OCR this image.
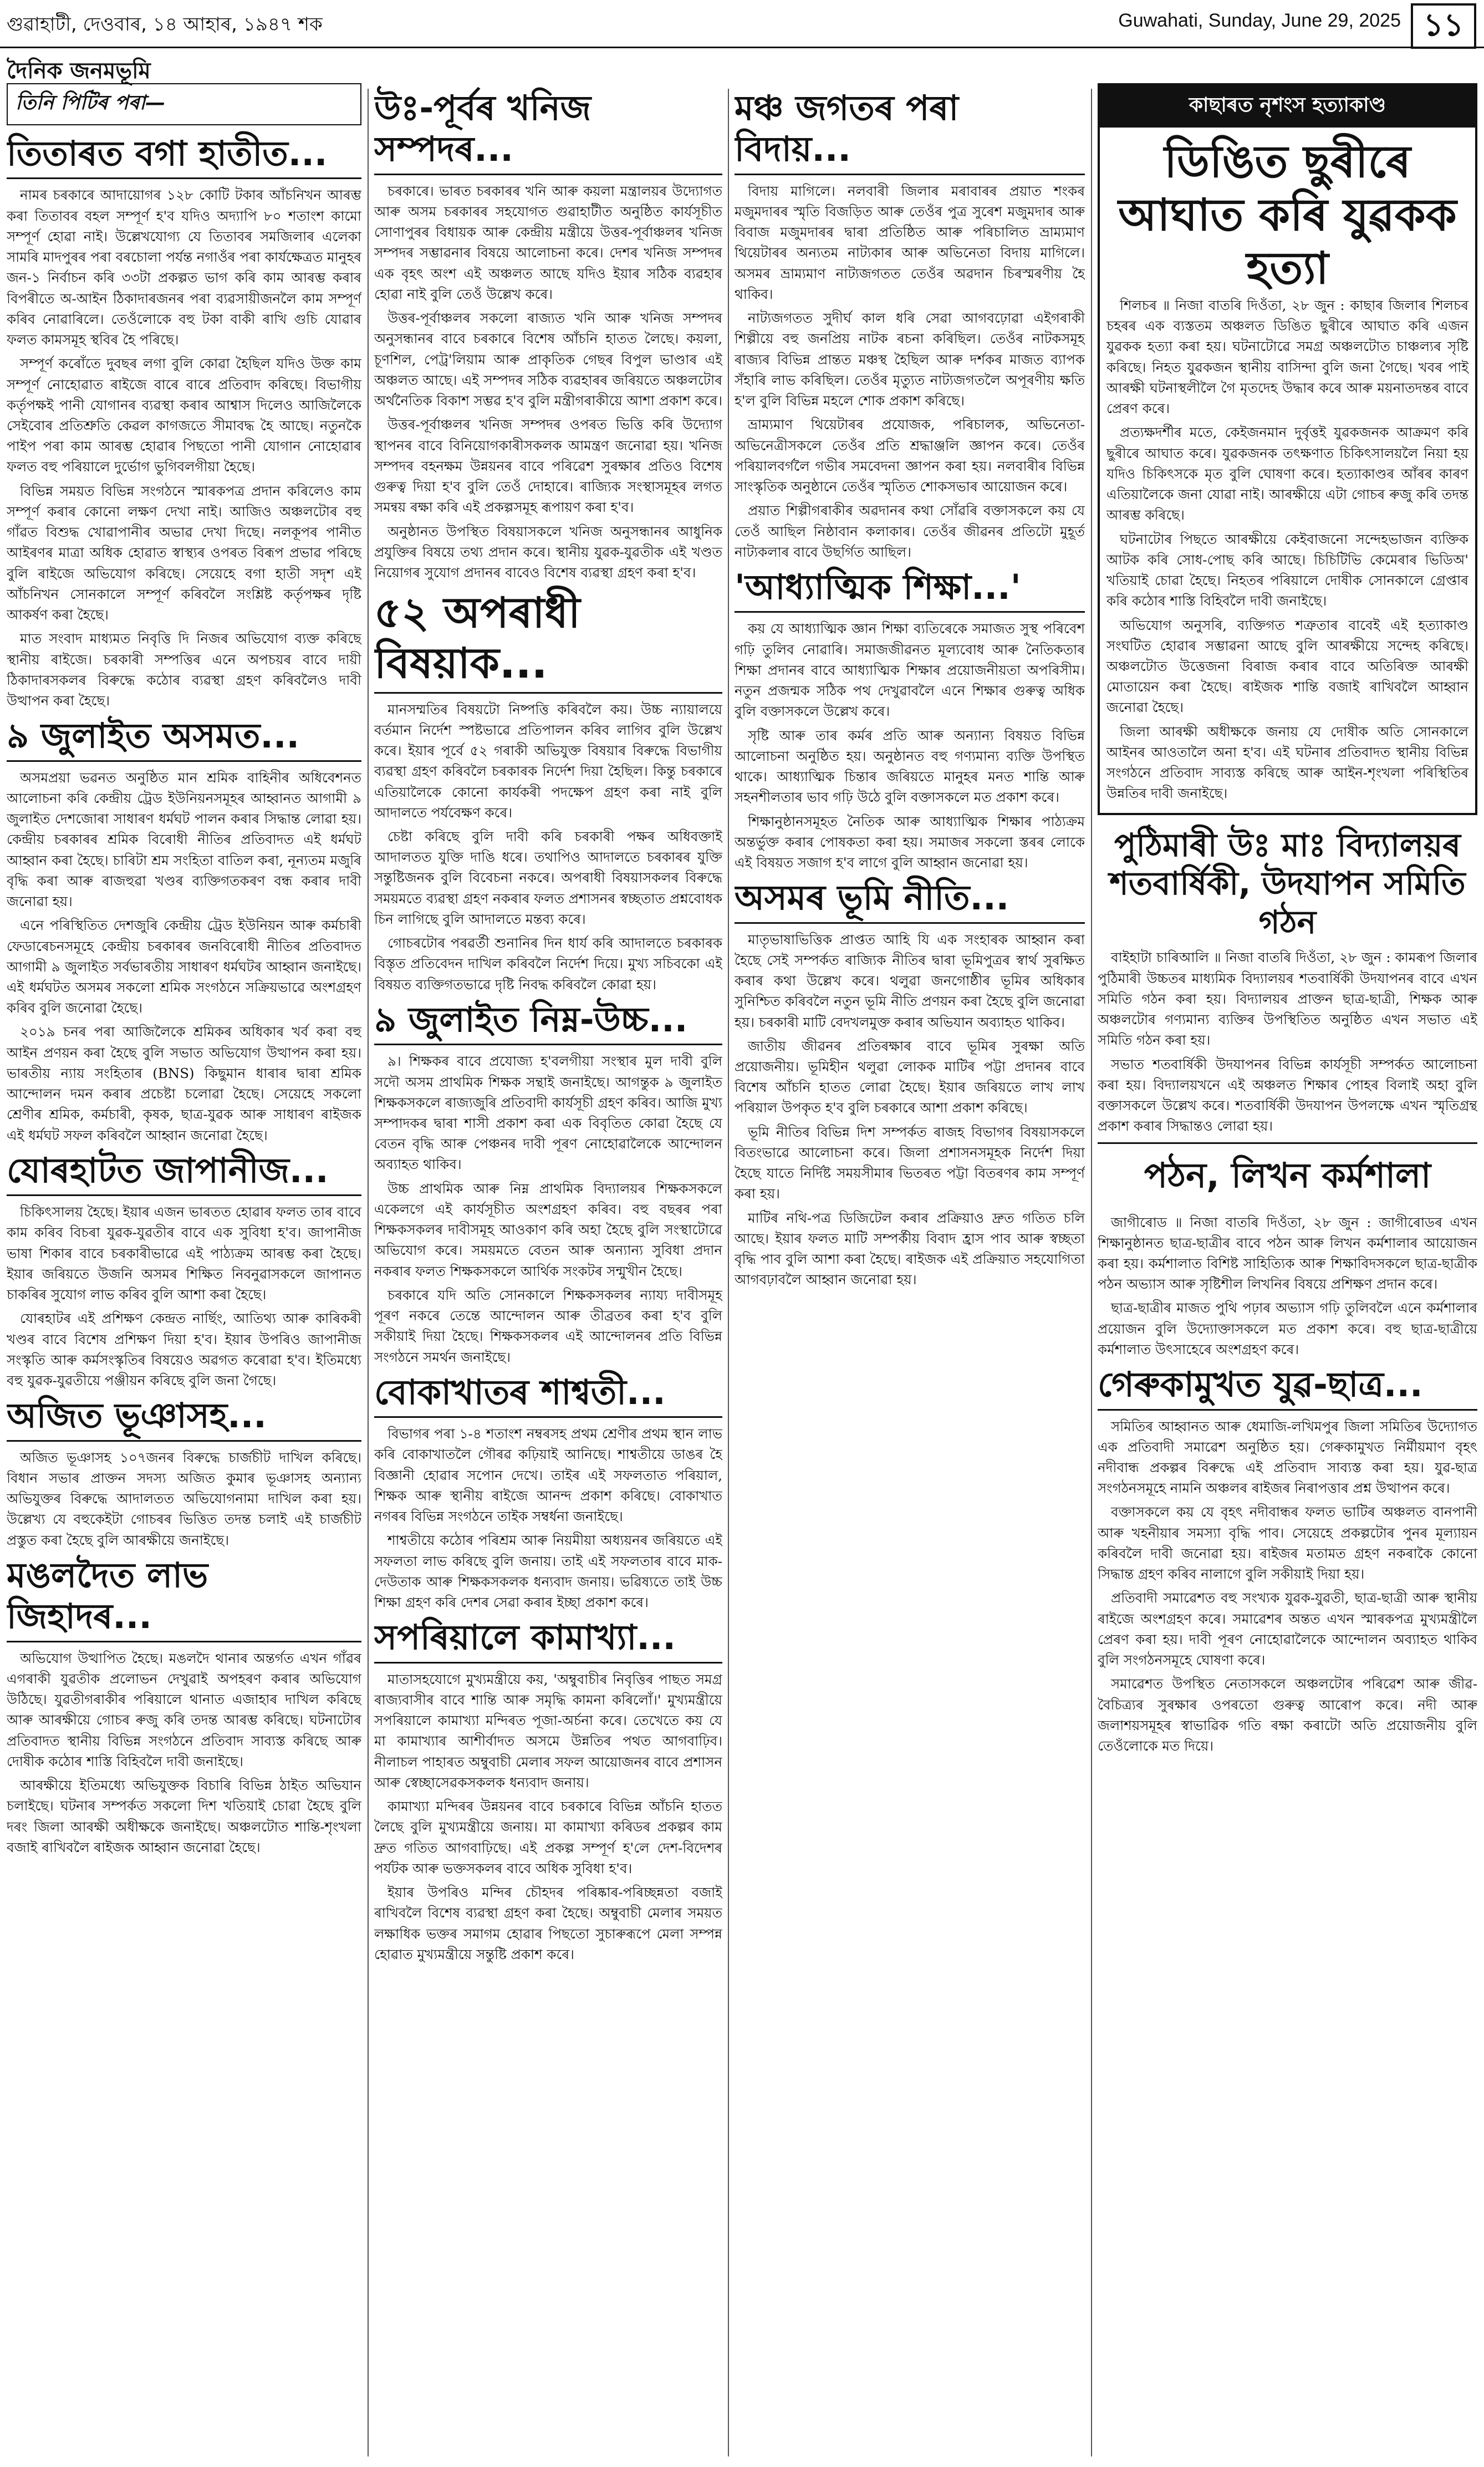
গুৱাহাটী, দেওবাৰ, ১৪ আহাৰ, ১৯৪৭ শক	Guwahati, Sunday, June 29, 2025 ১১
দৈনিক জনমভূমি
তিনি পিটিৰ পৰা—
তিতাৰত বগা হাতীত...

নামৰ চৰকাৰে আদায়োগৰ ১২৮ কোটি টকাৰ আঁচনিখন আৰম্ভ কৰা তিতাবৰ বহল সম্পূৰ্ণ হ'ব যদিও অদ্যাপি ৮০ শতাংশ কামো সম্পূৰ্ণ হোৱা নাই। উল্লেখযোগ্য যে তিতাবৰ সমজিলাৰ এলেকা সামৰি মাদপুৰৰ পৰা বৰচোলা পৰ্যন্ত নগাওঁৰ পৰা কাৰ্যক্ষেত্ৰত মানুহৰ জন-১ নিৰ্বাচন কৰি ৩৩টা প্ৰকল্পত ভাগ কৰি কাম আৰম্ভ কৰাৰ বিপৰীতে অ-আইন ঠিকাদাৰজনৰ পৰা ব্যৱসায়ীজনলৈ কাম সম্পূৰ্ণ কৰিব নোৱাৰিলে। তেওঁলোকে বহু টকা বাকী ৰাখি গুচি যোৱাৰ ফলত কামসমূহ স্থবিৰ হৈ পৰিছে।

সম্পূৰ্ণ কৰোঁতে দুবছৰ লগা বুলি কোৱা হৈছিল যদিও উক্ত কাম সম্পূৰ্ণ নোহোৱাত ৰাইজে বাৰে বাৰে প্ৰতিবাদ কৰিছে। বিভাগীয় কৰ্তৃপক্ষই পানী যোগানৰ ব্যৱস্থা কৰাৰ আশ্বাস দিলেও আজিলৈকে সেইবোৰ প্ৰতিশ্ৰুতি কেৱল কাগজতে সীমাবদ্ধ হৈ আছে। নতুনকৈ পাইপ পৰা কাম আৰম্ভ হোৱাৰ পিছতো পানী যোগান নোহোৱাৰ ফলত বহু পৰিয়ালে দুৰ্ভোগ ভুগিবলগীয়া হৈছে।

বিভিন্ন সময়ত বিভিন্ন সংগঠনে স্মাৰকপত্ৰ প্ৰদান কৰিলেও কাম সম্পূৰ্ণ কৰাৰ কোনো লক্ষণ দেখা নাই। আজিও অঞ্চলটোৰ বহু গাঁৱত বিশুদ্ধ খোৱাপানীৰ অভাৱ দেখা দিছে। নলকূপৰ পানীত আইৰণৰ মাত্ৰা অধিক হোৱাত স্বাস্থ্যৰ ওপৰত বিৰূপ প্ৰভাৱ পৰিছে বুলি ৰাইজে অভিযোগ কৰিছে। সেয়েহে বগা হাতী সদৃশ এই আঁচনিখন সোনকালে সম্পূৰ্ণ কৰিবলৈ সংশ্লিষ্ট কৰ্তৃপক্ষৰ দৃষ্টি আকৰ্ষণ কৰা হৈছে।

মাত সংবাদ মাধ্যমত নিবৃত্তি দি নিজৰ অভিযোগ ব্যক্ত কৰিছে স্থানীয় ৰাইজে। চৰকাৰী সম্পত্তিৰ এনে অপচয়ৰ বাবে দায়ী ঠিকাদাৰসকলৰ বিৰুদ্ধে কঠোৰ ব্যৱস্থা গ্ৰহণ কৰিবলৈও দাবী উত্থাপন কৰা হৈছে।

৯ জুলাইত অসমত...

অসমপ্ৰয়া ভৱনত অনুষ্ঠিত মান শ্ৰমিক বাহিনীৰ অধিবেশনত আলোচনা কৰি কেন্দ্ৰীয় ট্ৰেড ইউনিয়নসমূহৰ আহ্বানত আগামী ৯ জুলাইত দেশজোৰা সাধাৰণ ধৰ্মঘট পালন কৰাৰ সিদ্ধান্ত লোৱা হয়। কেন্দ্ৰীয় চৰকাৰৰ শ্ৰমিক বিৰোধী নীতিৰ প্ৰতিবাদত এই ধৰ্মঘট আহ্বান কৰা হৈছে। চাৰিটা শ্ৰম সংহিতা বাতিল কৰা, নূন্যতম মজুৰি বৃদ্ধি কৰা আৰু ৰাজহুৱা খণ্ডৰ ব্যক্তিগতকৰণ বন্ধ কৰাৰ দাবী জনোৱা হয়।

এনে পৰিস্থিতিত দেশজুৰি কেন্দ্ৰীয় ট্ৰেড ইউনিয়ন আৰু কৰ্মচাৰী ফেডাৰেচনসমূহে কেন্দ্ৰীয় চৰকাৰৰ জনবিৰোধী নীতিৰ প্ৰতিবাদত আগামী ৯ জুলাইত সৰ্বভাৰতীয় সাধাৰণ ধৰ্মঘটৰ আহ্বান জনাইছে। এই ধৰ্মঘটত অসমৰ সকলো শ্ৰমিক সংগঠনে সক্ৰিয়ভাৱে অংশগ্ৰহণ কৰিব বুলি জনোৱা হৈছে।

২০১৯ চনৰ পৰা আজিলৈকে শ্ৰমিকৰ অধিকাৰ খৰ্ব কৰা বহু আইন প্ৰণয়ন কৰা হৈছে বুলি সভাত অভিযোগ উত্থাপন কৰা হয়। ভাৰতীয় ন্যায় সংহিতাৰ (BNS) কিছুমান ধাৰাৰ দ্বাৰা শ্ৰমিক আন্দোলন দমন কৰাৰ প্ৰচেষ্টা চলোৱা হৈছে। সেয়েহে সকলো শ্ৰেণীৰ শ্ৰমিক, কৰ্মচাৰী, কৃষক, ছাত্ৰ-যুৱক আৰু সাধাৰণ ৰাইজক এই ধৰ্মঘট সফল কৰিবলৈ আহ্বান জনোৱা হৈছে।

যোৰহাটত জাপানীজ...

চিকিৎসালয় হৈছে। ইয়াৰ এজন ভাৰতত হোৱাৰ ফলত তাৰ বাবে কাম কৰিব বিচৰা যুৱক-যুৱতীৰ বাবে এক সুবিধা হ'ব। জাপানীজ ভাষা শিকাৰ বাবে চৰকাৰীভাৱে এই পাঠ্যক্ৰম আৰম্ভ কৰা হৈছে। ইয়াৰ জৰিয়তে উজনি অসমৰ শিক্ষিত নিবনুৱাসকলে জাপানত চাকৰিৰ সুযোগ লাভ কৰিব বুলি আশা কৰা হৈছে।

যোৰহাটৰ এই প্ৰশিক্ষণ কেন্দ্ৰত নাৰ্ছিং, আতিথ্য আৰু কাৰিকৰী খণ্ডৰ বাবে বিশেষ প্ৰশিক্ষণ দিয়া হ'ব। ইয়াৰ উপৰিও জাপানীজ সংস্কৃতি আৰু কৰ্মসংস্কৃতিৰ বিষয়েও অৱগত কৰোৱা হ'ব। ইতিমধ্যে বহু যুৱক-যুৱতীয়ে পঞ্জীয়ন কৰিছে বুলি জনা গৈছে।

অজিত ভূঞাসহ...

অজিত ভূঞাসহ ১০৭জনৰ বিৰুদ্ধে চাৰ্জচীট দাখিল কৰিছে। বিধান সভাৰ প্ৰাক্তন সদস্য অজিত কুমাৰ ভূঞাসহ অন্যান্য অভিযুক্তৰ বিৰুদ্ধে আদালতত অভিযোগনামা দাখিল কৰা হয়। উল্লেখ্য যে বহুকেইটা গোচৰৰ ভিত্তিত তদন্ত চলাই এই চাৰ্জচীট প্ৰস্তুত কৰা হৈছে বুলি আৰক্ষীয়ে জনাইছে।

মঙলদৈত লাভ জিহাদৰ...

অভিযোগ উত্থাপিত হৈছে। মঙলদৈ থানাৰ অন্তৰ্গত এখন গাঁৱৰ এগৰাকী যুৱতীক প্ৰলোভন দেখুৱাই অপহৰণ কৰাৰ অভিযোগ উঠিছে। যুৱতীগৰাকীৰ পৰিয়ালে থানাত এজাহাৰ দাখিল কৰিছে আৰু আৰক্ষীয়ে গোচৰ ৰুজু কৰি তদন্ত আৰম্ভ কৰিছে। ঘটনাটোৰ প্ৰতিবাদত স্থানীয় বিভিন্ন সংগঠনে প্ৰতিবাদ সাব্যস্ত কৰিছে আৰু দোষীক কঠোৰ শাস্তি বিহিবলৈ দাবী জনাইছে।

আৰক্ষীয়ে ইতিমধ্যে অভিযুক্তক বিচাৰি বিভিন্ন ঠাইত অভিযান চলাইছে। ঘটনাৰ সম্পৰ্কত সকলো দিশ খতিয়াই চোৱা হৈছে বুলি দৰং জিলা আৰক্ষী অধীক্ষকে জনাইছে। অঞ্চলটোত শান্তি-শৃংখলা বজাই ৰাখিবলৈ ৰাইজক আহ্বান জনোৱা হৈছে।

উঃ-পূৰ্বৰ খনিজ সম্পদৰ...

চৰকাৰে। ভাৰত চৰকাৰৰ খনি আৰু কয়লা মন্ত্ৰালয়ৰ উদ্যোগত আৰু অসম চৰকাৰৰ সহযোগত গুৱাহাটীত অনুষ্ঠিত কাৰ্যসূচীত সোণাপুৰৰ বিধায়ক আৰু কেন্দ্ৰীয় মন্ত্ৰীয়ে উত্তৰ-পূৰ্বাঞ্চলৰ খনিজ সম্পদৰ সম্ভাৱনাৰ বিষয়ে আলোচনা কৰে। দেশৰ খনিজ সম্পদৰ এক বৃহৎ অংশ এই অঞ্চলত আছে যদিও ইয়াৰ সঠিক ব্যৱহাৰ হোৱা নাই বুলি তেওঁ উল্লেখ কৰে।

উত্তৰ-পূৰ্বাঞ্চলৰ সকলো ৰাজ্যত খনি আৰু খনিজ সম্পদৰ অনুসন্ধানৰ বাবে চৰকাৰে বিশেষ আঁচনি হাতত লৈছে। কয়লা, চূণশিল, পেট্ৰ'লিয়াম আৰু প্ৰাকৃতিক গেছৰ বিপুল ভাণ্ডাৰ এই অঞ্চলত আছে। এই সম্পদৰ সঠিক ব্যৱহাৰৰ জৰিয়তে অঞ্চলটোৰ অৰ্থনৈতিক বিকাশ সম্ভৱ হ'ব বুলি মন্ত্ৰীগৰাকীয়ে আশা প্ৰকাশ কৰে।

উত্তৰ-পূৰ্বাঞ্চলৰ খনিজ সম্পদৰ ওপৰত ভিত্তি কৰি উদ্যোগ স্থাপনৰ বাবে বিনিয়োগকাৰীসকলক আমন্ত্ৰণ জনোৱা হয়। খনিজ সম্পদৰ বহনক্ষম উন্নয়নৰ বাবে পৰিৱেশ সুৰক্ষাৰ প্ৰতিও বিশেষ গুৰুত্ব দিয়া হ'ব বুলি তেওঁ দোহাৰে। ৰাজ্যিক সংস্থাসমূহৰ লগত সমন্বয় ৰক্ষা কৰি এই প্ৰকল্পসমূহ ৰূপায়ণ কৰা হ'ব।

অনুষ্ঠানত উপস্থিত বিষয়াসকলে খনিজ অনুসন্ধানৰ আধুনিক প্ৰযুক্তিৰ বিষয়ে তথ্য প্ৰদান কৰে। স্থানীয় যুৱক-যুৱতীক এই খণ্ডত নিয়োগৰ সুযোগ প্ৰদানৰ বাবেও বিশেষ ব্যৱস্থা গ্ৰহণ কৰা হ'ব।

৫২ অপৰাধী বিষয়াক...

মানসম্মতিৰ বিষয়টো নিষ্পত্তি কৰিবলৈ কয়। উচ্চ ন্যায়ালয়ে বৰ্তমান নিৰ্দেশ স্পষ্টভাৱে প্ৰতিপালন কৰিব লাগিব বুলি উল্লেখ কৰে। ইয়াৰ পূৰ্বে ৫২ গৰাকী অভিযুক্ত বিষয়াৰ বিৰুদ্ধে বিভাগীয় ব্যৱস্থা গ্ৰহণ কৰিবলৈ চৰকাৰক নিৰ্দেশ দিয়া হৈছিল। কিন্তু চৰকাৰে এতিয়ালৈকে কোনো কাৰ্যকৰী পদক্ষেপ গ্ৰহণ কৰা নাই বুলি আদালতে পৰ্যবেক্ষণ কৰে।

চেষ্টা কৰিছে বুলি দাবী কৰি চৰকাৰী পক্ষৰ অধিবক্তাই আদালতত যুক্তি দাঙি ধৰে। তথাপিও আদালতে চৰকাৰৰ যুক্তি সন্তুষ্টিজনক বুলি বিবেচনা নকৰে। অপৰাধী বিষয়াসকলৰ বিৰুদ্ধে সময়মতে ব্যৱস্থা গ্ৰহণ নকৰাৰ ফলত প্ৰশাসনৰ স্বচ্ছতাত প্ৰশ্নবোধক চিন লাগিছে বুলি আদালতে মন্তব্য কৰে।

গোচৰটোৰ পৰৱৰ্তী শুনানিৰ দিন ধাৰ্য কৰি আদালতে চৰকাৰক বিস্তৃত প্ৰতিবেদন দাখিল কৰিবলৈ নিৰ্দেশ দিয়ে। মুখ্য সচিবকো এই বিষয়ত ব্যক্তিগতভাৱে দৃষ্টি নিবদ্ধ কৰিবলৈ কোৱা হয়।

৯ জুলাইত নিম্ন-উচ্চ...

৯। শিক্ষকৰ বাবে প্ৰযোজ্য হ'বলগীয়া সংস্থাৰ মুল দাবী বুলি সদৌ অসম প্ৰাথমিক শিক্ষক সন্থাই জনাইছে। আগন্তুক ৯ জুলাইত শিক্ষকসকলে ৰাজ্যজুৰি প্ৰতিবাদী কাৰ্যসূচী গ্ৰহণ কৰিব। আজি মুখ্য সম্পাদকৰ দ্বাৰা শাসী প্ৰকাশ কৰা এক বিবৃতিত কোৱা হৈছে যে বেতন বৃদ্ধি আৰু পেঞ্চনৰ দাবী পূৰণ নোহোৱালৈকে আন্দোলন অব্যাহত থাকিব।

উচ্চ প্ৰাথমিক আৰু নিম্ন প্ৰাথমিক বিদ্যালয়ৰ শিক্ষকসকলে একেলগে এই কাৰ্যসূচীত অংশগ্ৰহণ কৰিব। বহু বছৰৰ পৰা শিক্ষকসকলৰ দাবীসমূহ আওকাণ কৰি অহা হৈছে বুলি সংস্থাটোৱে অভিযোগ কৰে। সময়মতে বেতন আৰু অন্যান্য সুবিধা প্ৰদান নকৰাৰ ফলত শিক্ষকসকলে আৰ্থিক সংকটৰ সন্মুখীন হৈছে।

চৰকাৰে যদি অতি সোনকালে শিক্ষকসকলৰ ন্যায্য দাবীসমূহ পূৰণ নকৰে তেন্তে আন্দোলন আৰু তীব্ৰতৰ কৰা হ'ব বুলি সকীয়াই দিয়া হৈছে। শিক্ষকসকলৰ এই আন্দোলনৰ প্ৰতি বিভিন্ন সংগঠনে সমৰ্থন জনাইছে।

বোকাখাতৰ শাশ্বতী...

বিভাগৰ পৰা ১-৪ শতাংশ নম্বৰসহ প্ৰথম শ্ৰেণীৰ প্ৰথম স্থান লাভ কৰি বোকাখাতলৈ গৌৰৱ কঢ়িয়াই আনিছে। শাশ্বতীয়ে ডাঙৰ হৈ বিজ্ঞানী হোৱাৰ সপোন দেখে। তাইৰ এই সফলতাত পৰিয়াল, শিক্ষক আৰু স্থানীয় ৰাইজে আনন্দ প্ৰকাশ কৰিছে। বোকাখাত নগৰৰ বিভিন্ন সংগঠনে তাইক সম্বৰ্ধনা জনাইছে।

শাশ্বতীয়ে কঠোৰ পৰিশ্ৰম আৰু নিয়মীয়া অধ্যয়নৰ জৰিয়তে এই সফলতা লাভ কৰিছে বুলি জনায়। তাই এই সফলতাৰ বাবে মাক-দেউতাক আৰু শিক্ষকসকলক ধন্যবাদ জনায়। ভৱিষ্যতে তাই উচ্চ শিক্ষা গ্ৰহণ কৰি দেশৰ সেৱা কৰাৰ ইচ্ছা প্ৰকাশ কৰে।

সপৰিয়ালে কামাখ্যা...

মাতাসহযোগে মুখ্যমন্ত্ৰীয়ে কয়, 'অম্বুবাচীৰ নিবৃত্তিৰ পাছত সমগ্ৰ ৰাজ্যবাসীৰ বাবে শান্তি আৰু সমৃদ্ধি কামনা কৰিলোঁ।' মুখ্যমন্ত্ৰীয়ে সপৰিয়ালে কামাখ্যা মন্দিৰত পূজা-অৰ্চনা কৰে। তেখেতে কয় যে মা কামাখ্যাৰ আশীৰ্বাদত অসমে উন্নতিৰ পথত আগবাঢ়িব। নীলাচল পাহাৰত অম্বুবাচী মেলাৰ সফল আয়োজনৰ বাবে প্ৰশাসন আৰু স্বেচ্ছাসেৱকসকলক ধন্যবাদ জনায়।

কামাখ্যা মন্দিৰৰ উন্নয়নৰ বাবে চৰকাৰে বিভিন্ন আঁচনি হাতত লৈছে বুলি মুখ্যমন্ত্ৰীয়ে জনায়। মা কামাখ্যা কৰিডৰ প্ৰকল্পৰ কাম দ্ৰুত গতিত আগবাঢ়িছে। এই প্ৰকল্প সম্পূৰ্ণ হ'লে দেশ-বিদেশৰ পৰ্যটক আৰু ভক্তসকলৰ বাবে অধিক সুবিধা হ'ব।

ইয়াৰ উপৰিও মন্দিৰ চৌহদৰ পৰিষ্কাৰ-পৰিচ্ছন্নতা বজাই ৰাখিবলৈ বিশেষ ব্যৱস্থা গ্ৰহণ কৰা হৈছে। অম্বুবাচী মেলাৰ সময়ত লক্ষাধিক ভক্তৰ সমাগম হোৱাৰ পিছতো সুচাৰুৰূপে মেলা সম্পন্ন হোৱাত মুখ্যমন্ত্ৰীয়ে সন্তুষ্টি প্ৰকাশ কৰে।

মঞ্চ জগতৰ পৰা বিদায়...

বিদায় মাগিলে। নলবাৰী জিলাৰ মৰাবাৰৰ প্ৰয়াত শংকৰ মজুমদাৰৰ স্মৃতি বিজড়িত আৰু তেওঁৰ পুত্ৰ সুৰেশ মজুমদাৰ আৰু বিবাজ মজুমদাৰৰ দ্বাৰা প্ৰতিষ্ঠিত আৰু পৰিচালিত ভ্ৰাম্যমাণ থিয়েটাৰৰ অন্যতম নাট্যকাৰ আৰু অভিনেতা বিদায় মাগিলে। অসমৰ ভ্ৰাম্যমাণ নাট্যজগতত তেওঁৰ অৱদান চিৰস্মৰণীয় হৈ থাকিব।

নাট্যজগতত সুদীৰ্ঘ কাল ধৰি সেৱা আগবঢ়োৱা এইগৰাকী শিল্পীয়ে বহু জনপ্ৰিয় নাটক ৰচনা কৰিছিল। তেওঁৰ নাটকসমূহ ৰাজ্যৰ বিভিন্ন প্ৰান্তত মঞ্চস্থ হৈছিল আৰু দৰ্শকৰ মাজত ব্যাপক সঁহাৰি লাভ কৰিছিল। তেওঁৰ মৃত্যুত নাট্যজগতলৈ অপূৰণীয় ক্ষতি হ'ল বুলি বিভিন্ন মহলে শোক প্ৰকাশ কৰিছে।

ভ্ৰাম্যমাণ থিয়েটাৰৰ প্ৰযোজক, পৰিচালক, অভিনেতা-অভিনেত্ৰীসকলে তেওঁৰ প্ৰতি শ্ৰদ্ধাঞ্জলি জ্ঞাপন কৰে। তেওঁৰ পৰিয়ালবৰ্গলৈ গভীৰ সমবেদনা জ্ঞাপন কৰা হয়। নলবাৰীৰ বিভিন্ন সাংস্কৃতিক অনুষ্ঠানে তেওঁৰ স্মৃতিত শোকসভাৰ আয়োজন কৰে।

প্ৰয়াত শিল্পীগৰাকীৰ অৱদানৰ কথা সোঁৱৰি বক্তাসকলে কয় যে তেওঁ আছিল নিষ্ঠাবান কলাকাৰ। তেওঁৰ জীৱনৰ প্ৰতিটো মুহূৰ্ত নাট্যকলাৰ বাবে উছৰ্গিত আছিল।

'আধ্যাত্মিক শিক্ষা...'

কয় যে আধ্যাত্মিক জ্ঞান শিক্ষা ব্যতিৰেকে সমাজত সুস্থ পৰিবেশ গঢ়ি তুলিব নোৱাৰি। সমাজজীৱনত মূল্যবোধ আৰু নৈতিকতাৰ শিক্ষা প্ৰদানৰ বাবে আধ্যাত্মিক শিক্ষাৰ প্ৰয়োজনীয়তা অপৰিসীম। নতুন প্ৰজন্মক সঠিক পথ দেখুৱাবলৈ এনে শিক্ষাৰ গুৰুত্ব অধিক বুলি বক্তাসকলে উল্লেখ কৰে।

সৃষ্টি আৰু তাৰ কৰ্মৰ প্ৰতি আৰু অন্যান্য বিষয়ত বিভিন্ন আলোচনা অনুষ্ঠিত হয়। অনুষ্ঠানত বহু গণ্যমান্য ব্যক্তি উপস্থিত থাকে। আধ্যাত্মিক চিন্তাৰ জৰিয়তে মানুহৰ মনত শান্তি আৰু সহনশীলতাৰ ভাব গঢ়ি উঠে বুলি বক্তাসকলে মত প্ৰকাশ কৰে।

শিক্ষানুষ্ঠানসমূহত নৈতিক আৰু আধ্যাত্মিক শিক্ষাৰ পাঠ্যক্ৰম অন্তৰ্ভুক্ত কৰাৰ পোষকতা কৰা হয়। সমাজৰ সকলো স্তৰৰ লোকে এই বিষয়ত সজাগ হ'ব লাগে বুলি আহ্বান জনোৱা হয়।

অসমৰ ভূমি নীতি...

মাতৃভাষাভিত্তিক প্ৰাপ্তত আহি যি এক সংহাৰক আহ্বান কৰা হৈছে সেই সম্পৰ্কত ৰাজ্যিক নীতিৰ দ্বাৰা ভূমিপুত্ৰৰ স্বাৰ্থ সুৰক্ষিত কৰাৰ কথা উল্লেখ কৰে। থলুৱা জনগোষ্ঠীৰ ভূমিৰ অধিকাৰ সুনিশ্চিত কৰিবলৈ নতুন ভূমি নীতি প্ৰণয়ন কৰা হৈছে বুলি জনোৱা হয়। চৰকাৰী মাটি বেদখলমুক্ত কৰাৰ অভিযান অব্যাহত থাকিব।

জাতীয় জীৱনৰ প্ৰতিৰক্ষাৰ বাবে ভূমিৰ সুৰক্ষা অতি প্ৰয়োজনীয়। ভূমিহীন থলুৱা লোকক মাটিৰ পট্টা প্ৰদানৰ বাবে বিশেষ আঁচনি হাতত লোৱা হৈছে। ইয়াৰ জৰিয়তে লাখ লাখ পৰিয়াল উপকৃত হ'ব বুলি চৰকাৰে আশা প্ৰকাশ কৰিছে।

ভূমি নীতিৰ বিভিন্ন দিশ সম্পৰ্কত ৰাজহ বিভাগৰ বিষয়াসকলে বিতংভাৱে আলোচনা কৰে। জিলা প্ৰশাসনসমূহক নিৰ্দেশ দিয়া হৈছে যাতে নিৰ্দিষ্ট সময়সীমাৰ ভিতৰত পট্টা বিতৰণৰ কাম সম্পূৰ্ণ কৰা হয়।

মাটিৰ নথি-পত্ৰ ডিজিটেল কৰাৰ প্ৰক্ৰিয়াও দ্ৰুত গতিত চলি আছে। ইয়াৰ ফলত মাটি সম্পৰ্কীয় বিবাদ হ্ৰাস পাব আৰু স্বচ্ছতা বৃদ্ধি পাব বুলি আশা কৰা হৈছে। ৰাইজক এই প্ৰক্ৰিয়াত সহযোগিতা আগবঢ়াবলৈ আহ্বান জনোৱা হয়।

কাছাৰত নৃশংস হত্যাকাণ্ড
ডিঙিত ছুৰীৰে আঘাত কৰি যুৱকক হত্যা

শিলচৰ ॥ নিজা বাতৰি দিওঁতা, ২৮ জুন : কাছাৰ জিলাৰ শিলচৰ চহৰৰ এক ব্যস্ততম অঞ্চলত ডিঙিত ছুৰীৰে আঘাত কৰি এজন যুৱকক হত্যা কৰা হয়। ঘটনাটোৱে সমগ্ৰ অঞ্চলটোত চাঞ্চল্যৰ সৃষ্টি কৰিছে। নিহত যুৱকজন স্থানীয় বাসিন্দা বুলি জনা গৈছে। খবৰ পাই আৰক্ষী ঘটনাস্থলীলৈ গৈ মৃতদেহ উদ্ধাৰ কৰে আৰু ময়নাতদন্তৰ বাবে প্ৰেৰণ কৰে।

প্ৰত্যক্ষদৰ্শীৰ মতে, কেইজনমান দুৰ্বৃত্তই যুৱকজনক আক্ৰমণ কৰি ছুৰীৰে আঘাত কৰে। যুৱকজনক তৎক্ষণাত চিকিৎসালয়লৈ নিয়া হয় যদিও চিকিৎসকে মৃত বুলি ঘোষণা কৰে। হত্যাকাণ্ডৰ আঁৰৰ কাৰণ এতিয়ালৈকে জনা যোৱা নাই। আৰক্ষীয়ে এটা গোচৰ ৰুজু কৰি তদন্ত আৰম্ভ কৰিছে।

ঘটনাটোৰ পিছতে আৰক্ষীয়ে কেইবাজনো সন্দেহভাজন ব্যক্তিক আটক কৰি সোধ-পোছ কৰি আছে। চিচিটিভি কেমেৰাৰ ভিডিঅ' খতিয়াই চোৱা হৈছে। নিহতৰ পৰিয়ালে দোষীক সোনকালে গ্ৰেপ্তাৰ কৰি কঠোৰ শাস্তি বিহিবলৈ দাবী জনাইছে।

অভিযোগ অনুসৰি, ব্যক্তিগত শত্ৰুতাৰ বাবেই এই হত্যাকাণ্ড সংঘটিত হোৱাৰ সম্ভাৱনা আছে বুলি আৰক্ষীয়ে সন্দেহ কৰিছে। অঞ্চলটোত উত্তেজনা বিৰাজ কৰাৰ বাবে অতিৰিক্ত আৰক্ষী মোতায়েন কৰা হৈছে। ৰাইজক শান্তি বজাই ৰাখিবলৈ আহ্বান জনোৱা হৈছে।

জিলা আৰক্ষী অধীক্ষকে জনায় যে দোষীক অতি সোনকালে আইনৰ আওতালৈ অনা হ'ব। এই ঘটনাৰ প্ৰতিবাদত স্থানীয় বিভিন্ন সংগঠনে প্ৰতিবাদ সাব্যস্ত কৰিছে আৰু আইন-শৃংখলা পৰিস্থিতিৰ উন্নতিৰ দাবী জনাইছে।

পুঠিমাৰী উঃ মাঃ বিদ্যালয়ৰ শতবাৰ্ষিকী, উদযাপন সমিতি গঠন

বাইহাটা চাৰিআলি ॥ নিজা বাতৰি দিওঁতা, ২৮ জুন : কামৰূপ জিলাৰ পুঠিমাৰী উচ্চতৰ মাধ্যমিক বিদ্যালয়ৰ শতবাৰ্ষিকী উদযাপনৰ বাবে এখন সমিতি গঠন কৰা হয়। বিদ্যালয়ৰ প্ৰাক্তন ছাত্ৰ-ছাত্ৰী, শিক্ষক আৰু অঞ্চলটোৰ গণ্যমান্য ব্যক্তিৰ উপস্থিতিত অনুষ্ঠিত এখন সভাত এই সমিতি গঠন কৰা হয়।

সভাত শতবাৰ্ষিকী উদযাপনৰ বিভিন্ন কাৰ্যসূচী সম্পৰ্কত আলোচনা কৰা হয়। বিদ্যালয়খনে এই অঞ্চলত শিক্ষাৰ পোহৰ বিলাই অহা বুলি বক্তাসকলে উল্লেখ কৰে। শতবাৰ্ষিকী উদযাপন উপলক্ষে এখন স্মৃতিগ্ৰন্থ প্ৰকাশ কৰাৰ সিদ্ধান্তও লোৱা হয়।

পঠন, লিখন কৰ্মশালা

জাগীৰোড ॥ নিজা বাতৰি দিওঁতা, ২৮ জুন : জাগীৰোডৰ এখন শিক্ষানুষ্ঠানত ছাত্ৰ-ছাত্ৰীৰ বাবে পঠন আৰু লিখন কৰ্মশালাৰ আয়োজন কৰা হয়। কৰ্মশালাত বিশিষ্ট সাহিত্যিক আৰু শিক্ষাবিদসকলে ছাত্ৰ-ছাত্ৰীক পঠন অভ্যাস আৰু সৃষ্টিশীল লিখনিৰ বিষয়ে প্ৰশিক্ষণ প্ৰদান কৰে।

ছাত্ৰ-ছাত্ৰীৰ মাজত পুথি পঢ়াৰ অভ্যাস গঢ়ি তুলিবলৈ এনে কৰ্মশালাৰ প্ৰয়োজন বুলি উদ্যোক্তাসকলে মত প্ৰকাশ কৰে। বহু ছাত্ৰ-ছাত্ৰীয়ে কৰ্মশালাত উৎসাহেৰে অংশগ্ৰহণ কৰে।

গেৰুকামুখত যুৱ-ছাত্ৰ...

সমিতিৰ আহ্বানত আৰু ধেমাজি-লখিমপুৰ জিলা সমিতিৰ উদ্যোগত এক প্ৰতিবাদী সমাৱেশ অনুষ্ঠিত হয়। গেৰুকামুখত নিৰ্মীয়মাণ বৃহৎ নদীবান্ধ প্ৰকল্পৰ বিৰুদ্ধে এই প্ৰতিবাদ সাব্যস্ত কৰা হয়। যুৱ-ছাত্ৰ সংগঠনসমূহে নামনি অঞ্চলৰ ৰাইজৰ নিৰাপত্তাৰ প্ৰশ্ন উত্থাপন কৰে।

বক্তাসকলে কয় যে বৃহৎ নদীবান্ধৰ ফলত ভাটিৰ অঞ্চলত বানপানী আৰু খহনীয়াৰ সমস্যা বৃদ্ধি পাব। সেয়েহে প্ৰকল্পটোৰ পুনৰ মূল্যায়ন কৰিবলৈ দাবী জনোৱা হয়। ৰাইজৰ মতামত গ্ৰহণ নকৰাকৈ কোনো সিদ্ধান্ত গ্ৰহণ কৰিব নালাগে বুলি সকীয়াই দিয়া হয়।

প্ৰতিবাদী সমাৱেশত বহু সংখ্যক যুৱক-যুৱতী, ছাত্ৰ-ছাত্ৰী আৰু স্থানীয় ৰাইজে অংশগ্ৰহণ কৰে। সমাৱেশৰ অন্তত এখন স্মাৰকপত্ৰ মুখ্যমন্ত্ৰীলৈ প্ৰেৰণ কৰা হয়। দাবী পূৰণ নোহোৱালৈকে আন্দোলন অব্যাহত থাকিব বুলি সংগঠনসমূহে ঘোষণা কৰে।

সমাৱেশত উপস্থিত নেতাসকলে অঞ্চলটোৰ পৰিৱেশ আৰু জীৱ-বৈচিত্ৰ্যৰ সুৰক্ষাৰ ওপৰতো গুৰুত্ব আৰোপ কৰে। নদী আৰু জলাশয়সমূহৰ স্বাভাৱিক গতি ৰক্ষা কৰাটো অতি প্ৰয়োজনীয় বুলি তেওঁলোকে মত দিয়ে।
